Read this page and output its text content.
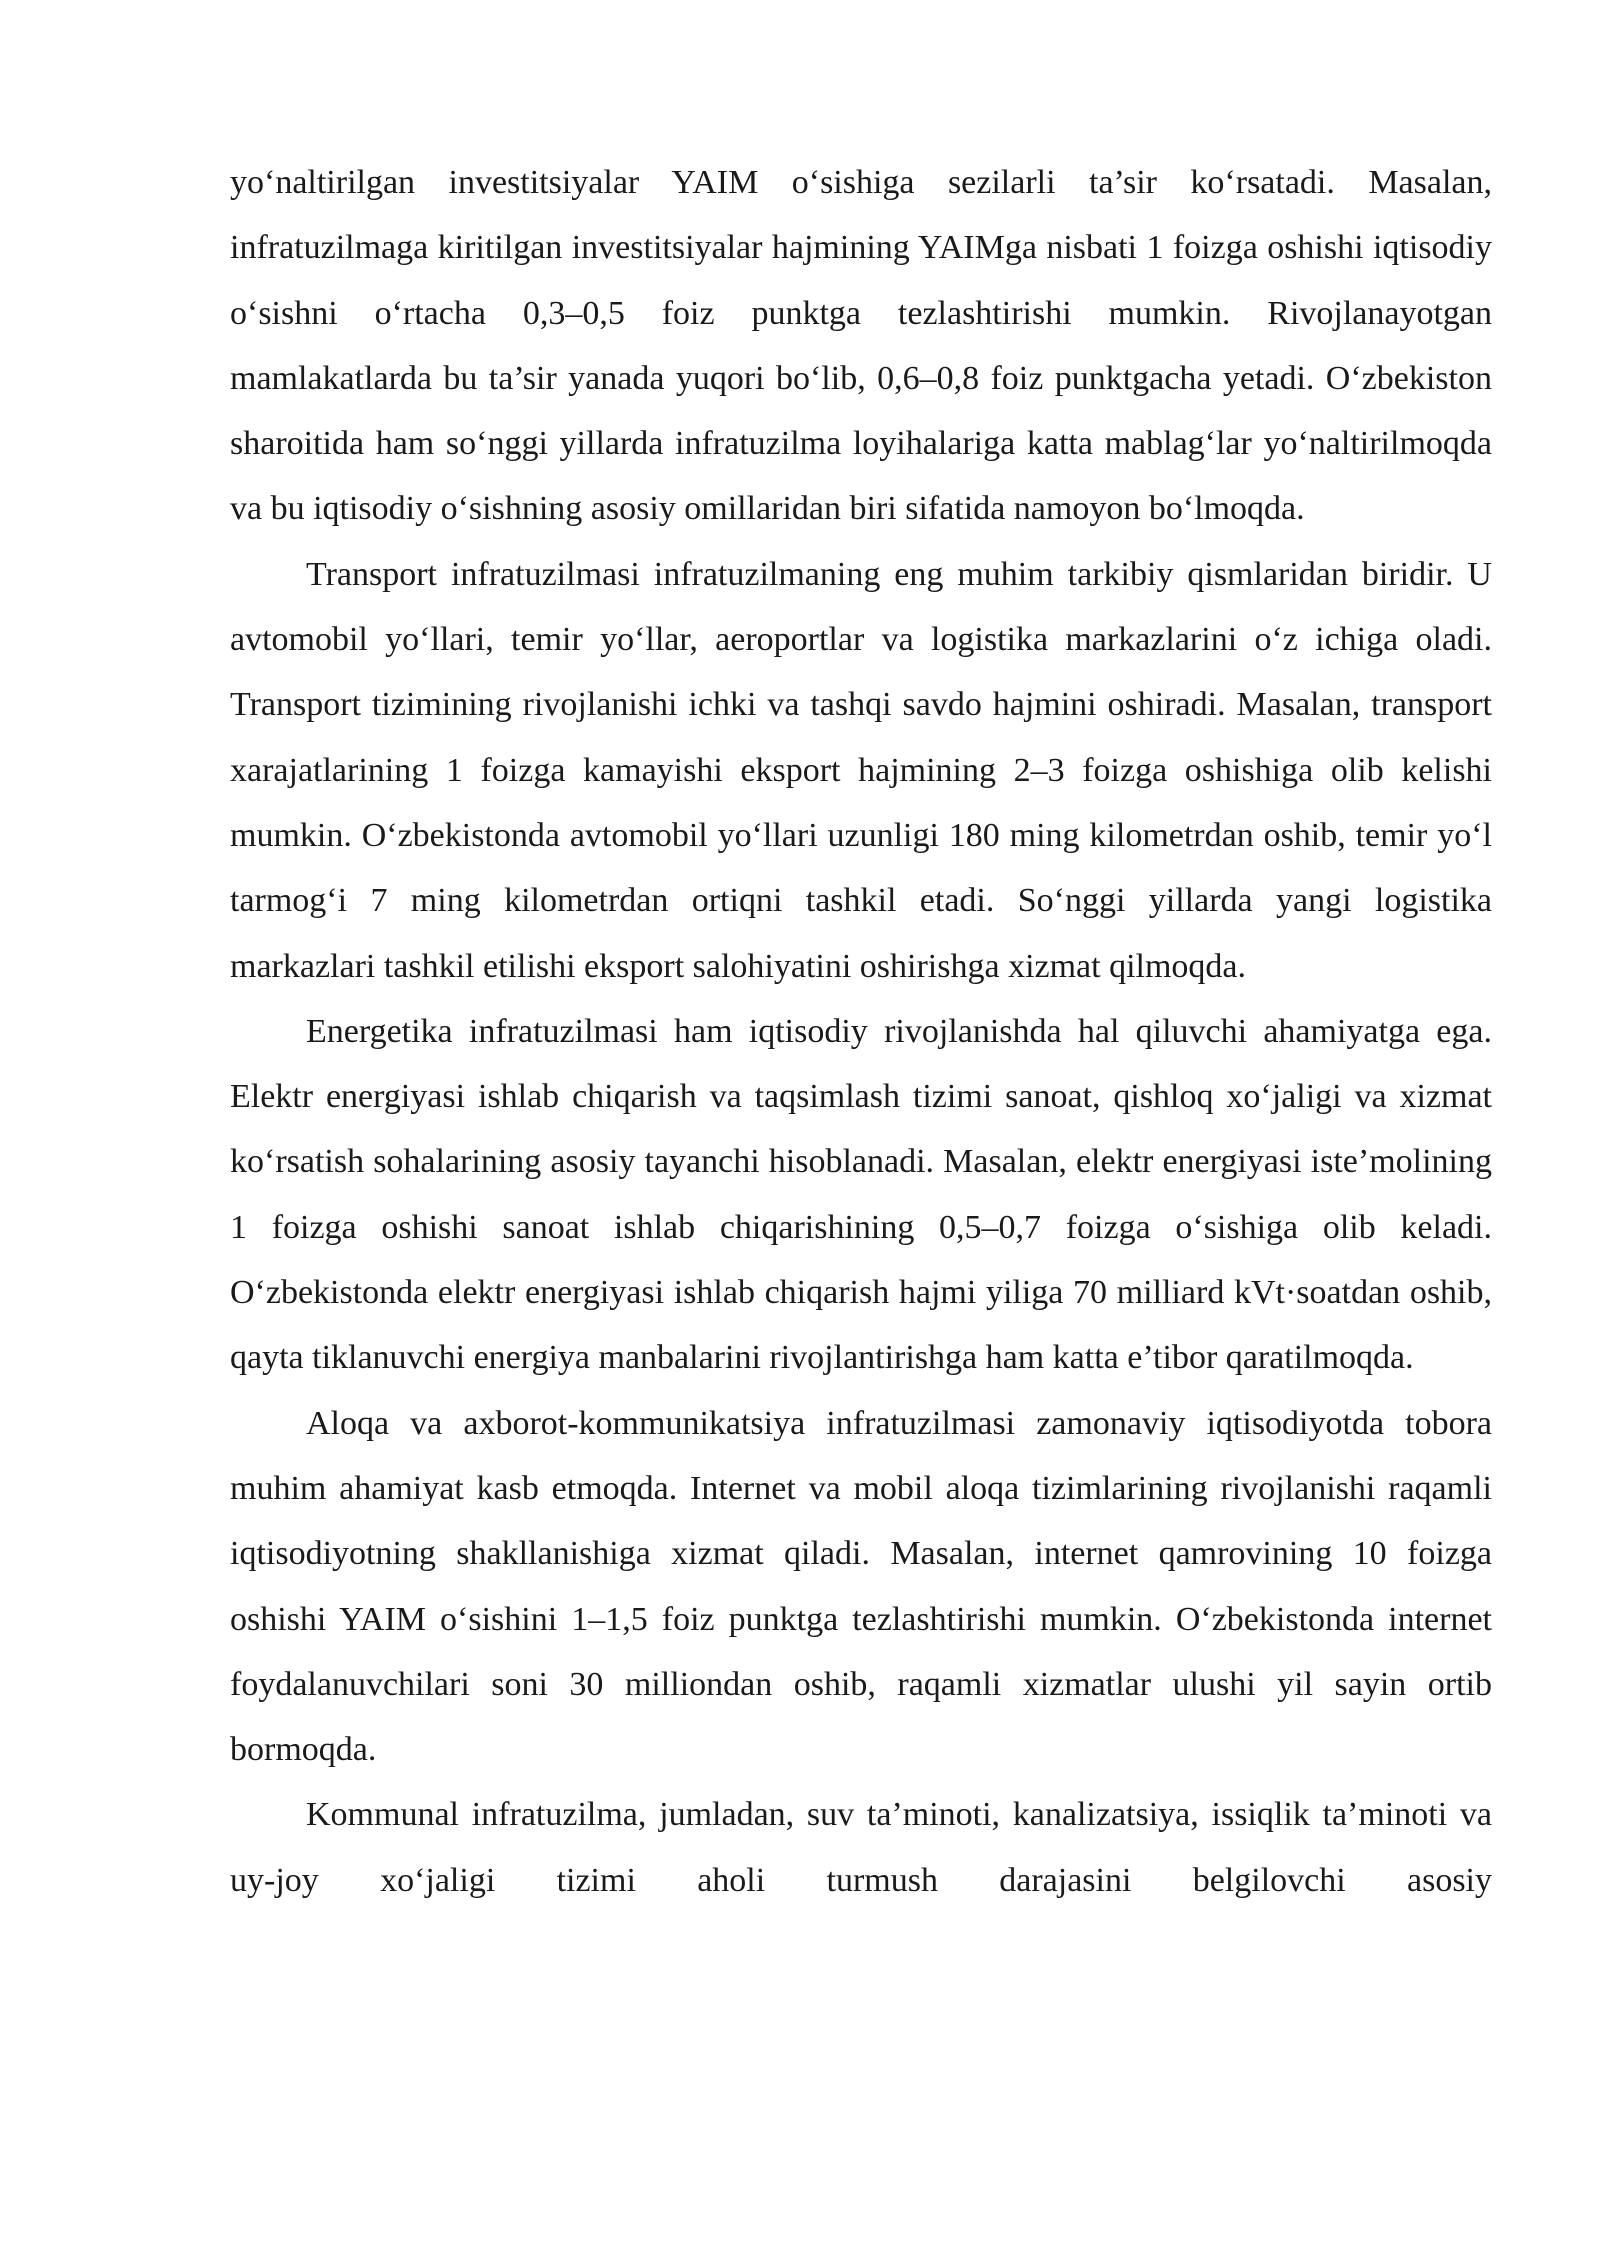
yo‘naltirilgan investitsiyalar YAIM o‘sishiga sezilarli ta’sir ko‘rsatadi. Masalan, infratuzilmaga kiritilgan investitsiyalar hajmining YAIMga nisbati 1 foizga oshishi iqtisodiy o‘sishni o‘rtacha 0,3–0,5 foiz punktga tezlashtirishi mumkin. Rivojlanayotgan mamlakatlarda bu ta’sir yanada yuqori bo‘lib, 0,6–0,8 foiz punktgacha yetadi. O‘zbekiston sharoitida ham so‘nggi yillarda infratuzilma loyihalariga katta mablag‘lar yo‘naltirilmoqda va bu iqtisodiy o‘sishning asosiy omillaridan biri sifatida namoyon bo‘lmoqda.

Transport infratuzilmasi infratuzilmaning eng muhim tarkibiy qismlaridan biridir. U avtomobil yo‘llari, temir yo‘llar, aeroportlar va logistika markazlarini o‘z ichiga oladi. Transport tizimining rivojlanishi ichki va tashqi savdo hajmini oshiradi. Masalan, transport xarajatlarining 1 foizga kamayishi eksport hajmining 2–3 foizga oshishiga olib kelishi mumkin. O‘zbekistonda avtomobil yo‘llari uzunligi 180 ming kilometrdan oshib, temir yo‘l tarmog‘i 7 ming kilometrdan ortiqni tashkil etadi. So‘nggi yillarda yangi logistika markazlari tashkil etilishi eksport salohiyatini oshirishga xizmat qilmoqda.

Energetika infratuzilmasi ham iqtisodiy rivojlanishda hal qiluvchi ahamiyatga ega. Elektr energiyasi ishlab chiqarish va taqsimlash tizimi sanoat, qishloq xo‘jaligi va xizmat ko‘rsatish sohalarining asosiy tayanchi hisoblanadi. Masalan, elektr energiyasi iste’molining 1 foizga oshishi sanoat ishlab chiqarishining 0,5–0,7 foizga o‘sishiga olib keladi. O‘zbekistonda elektr energiyasi ishlab chiqarish hajmi yiliga 70 milliard kVt·soatdan oshib, qayta tiklanuvchi energiya manbalarini rivojlantirishga ham katta e’tibor qaratilmoqda.

Aloqa va axborot-kommunikatsiya infratuzilmasi zamonaviy iqtisodiyotda tobora muhim ahamiyat kasb etmoqda. Internet va mobil aloqa tizimlarining rivojlanishi raqamli iqtisodiyotning shakllanishiga xizmat qiladi. Masalan, internet qamrovining 10 foizga oshishi YAIM o‘sishini 1–1,5 foiz punktga tezlashtirishi mumkin. O‘zbekistonda internet foydalanuvchilari soni 30 milliondan oshib, raqamli xizmatlar ulushi yil sayin ortib bormoqda.

Kommunal infratuzilma, jumladan, suv ta’minoti, kanalizatsiya, issiqlik ta’minoti va uy-joy xo‘jaligi tizimi aholi turmush darajasini belgilovchi asosiy
